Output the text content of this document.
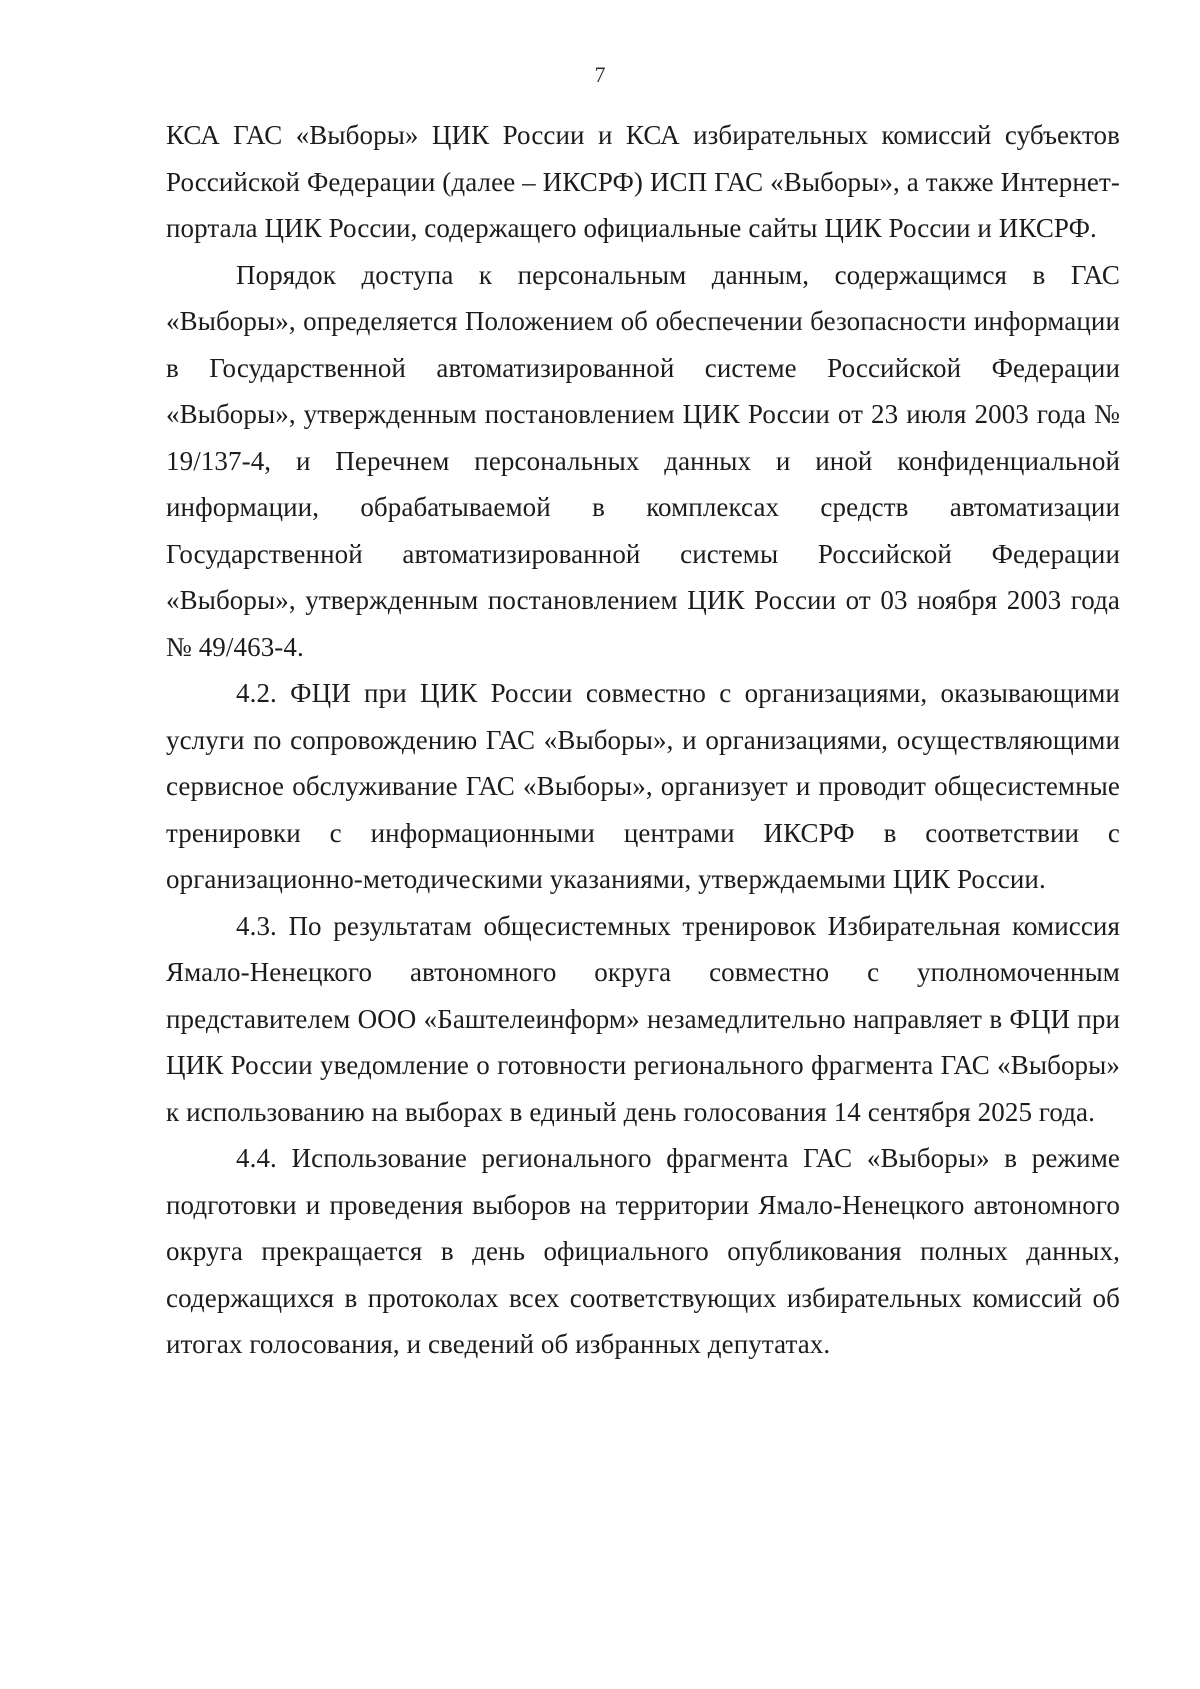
7

КСА ГАС «Выборы» ЦИК России и КСА избирательных комиссий субъектов Российской Федерации (далее – ИКСРФ) ИСП ГАС «Выборы», а также Интернет-портала ЦИК России, содержащего официальные сайты ЦИК России и ИКСРФ.

Порядок доступа к персональным данным, содержащимся в ГАС «Выборы», определяется Положением об обеспечении безопасности информации в Государственной автоматизированной системе Российской Федерации «Выборы», утвержденным постановлением ЦИК России от 23 июля 2003 года № 19/137-4, и Перечнем персональных данных и иной конфиденциальной информации, обрабатываемой в комплексах средств автоматизации Государственной автоматизированной системы Российской Федерации «Выборы», утвержденным постановлением ЦИК России от 03 ноября 2003 года № 49/463-4.

4.2. ФЦИ при ЦИК России совместно с организациями, оказывающими услуги по сопровождению ГАС «Выборы», и организациями, осуществляющими сервисное обслуживание ГАС «Выборы», организует и проводит общесистемные тренировки с информационными центрами ИКСРФ в соответствии с организационно-методическими указаниями, утверждаемыми ЦИК России.

4.3. По результатам общесистемных тренировок Избирательная комиссия Ямало-Ненецкого автономного округа совместно с уполномоченным представителем ООО «Баштелеинформ» незамедлительно направляет в ФЦИ при ЦИК России уведомление о готовности регионального фрагмента ГАС «Выборы» к использованию на выборах в единый день голосования 14 сентября 2025 года.

4.4. Использование регионального фрагмента ГАС «Выборы» в режиме подготовки и проведения выборов на территории Ямало-Ненецкого автономного округа прекращается в день официального опубликования полных данных, содержащихся в протоколах всех соответствующих избирательных комиссий об итогах голосования, и сведений об избранных депутатах.
